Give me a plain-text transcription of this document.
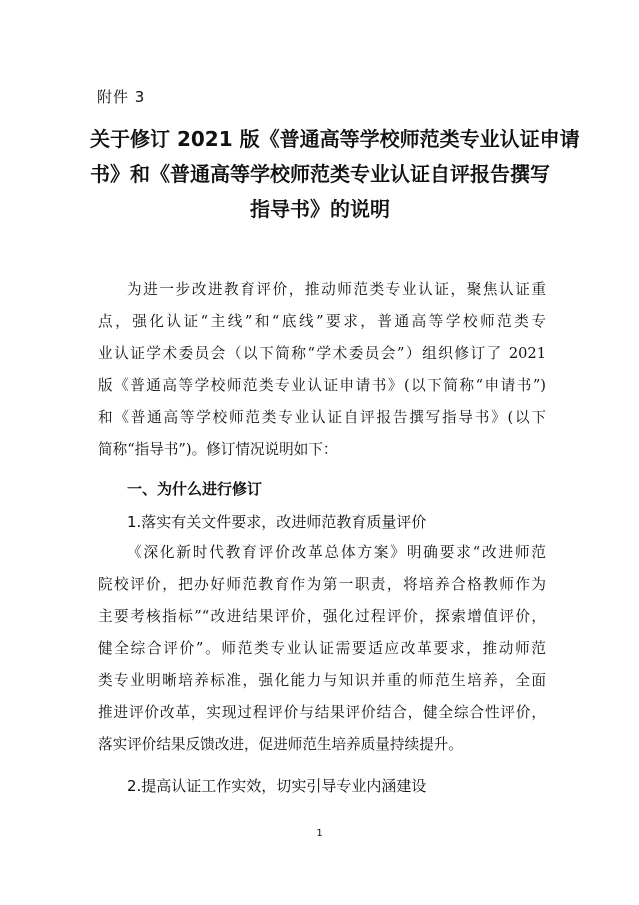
附件 3
关于修订 2021 版《普通高等学校师范类专业认证申请
书》和《普通高等学校师范类专业认证自评报告撰写
指导书》的说明
为进一步改进教育评价，推动师范类专业认证，聚焦认证重
点，强化认证“主线”和“底线”要求，普通高等学校师范类专
业认证学术委员会（以下简称“学术委员会”）组织修订了 2021
版《普通高等学校师范类专业认证申请书》(以下简称“申请书”)
和《普通高等学校师范类专业认证自评报告撰写指导书》(以下
简称“指导书”)。修订情况说明如下：
一、为什么进行修订
1.落实有关文件要求，改进师范教育质量评价
《深化新时代教育评价改革总体方案》明确要求“改进师范
院校评价，把办好师范教育作为第一职责，将培养合格教师作为
主要考核指标”“改进结果评价，强化过程评价，探索增值评价，
健全综合评价”。师范类专业认证需要适应改革要求，推动师范
类专业明晰培养标准，强化能力与知识并重的师范生培养，全面
推进评价改革，实现过程评价与结果评价结合，健全综合性评价，
落实评价结果反馈改进，促进师范生培养质量持续提升。
2.提高认证工作实效，切实引导专业内涵建设
1
